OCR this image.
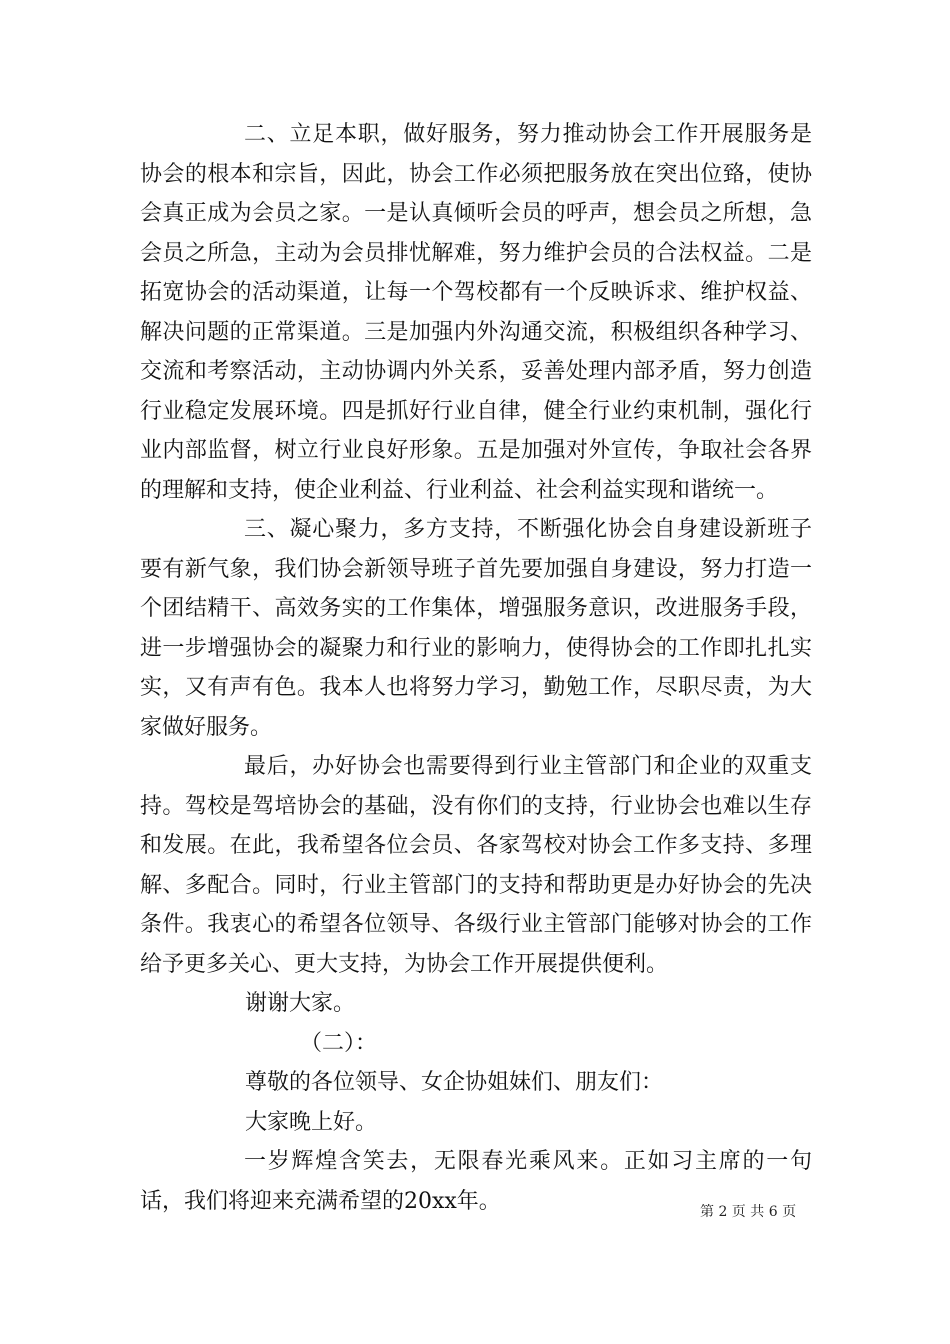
二、立足本职，做好服务，努力推动协会工作开展服务是协会的根本和宗旨，因此，协会工作必须把服务放在突出位臵，使协会真正成为会员之家。一是认真倾听会员的呼声，想会员之所想，急会员之所急，主动为会员排忧解难，努力维护会员的合法权益。二是拓宽协会的活动渠道，让每一个驾校都有一个反映诉求、维护权益、解决问题的正常渠道。三是加强内外沟通交流，积极组织各种学习、交流和考察活动，主动协调内外关系，妥善处理内部矛盾，努力创造行业稳定发展环境。四是抓好行业自律，健全行业约束机制，强化行业内部监督，树立行业良好形象。五是加强对外宣传，争取社会各界的理解和支持，使企业利益、行业利益、社会利益实现和谐统一。

三、凝心聚力，多方支持，不断强化协会自身建设新班子要有新气象，我们协会新领导班子首先要加强自身建设，努力打造一个团结精干、高效务实的工作集体，增强服务意识，改进服务手段，进一步增强协会的凝聚力和行业的影响力，使得协会的工作即扎扎实实，又有声有色。我本人也将努力学习，勤勉工作，尽职尽责，为大家做好服务。

最后，办好协会也需要得到行业主管部门和企业的双重支持。驾校是驾培协会的基础，没有你们的支持，行业协会也难以生存和发展。在此，我希望各位会员、各家驾校对协会工作多支持、多理解、多配合。同时，行业主管部门的支持和帮助更是办好协会的先决条件。我衷心的希望各位领导、各级行业主管部门能够对协会的工作给予更多关心、更大支持，为协会工作开展提供便利。

谢谢大家。

（二）：

尊敬的各位领导、女企协姐妹们、朋友们：

大家晚上好。

一岁辉煌含笑去，无限春光乘风来。正如习主席的一句话，我们将迎来充满希望的20xx年。	第 2 页 共 6 页
